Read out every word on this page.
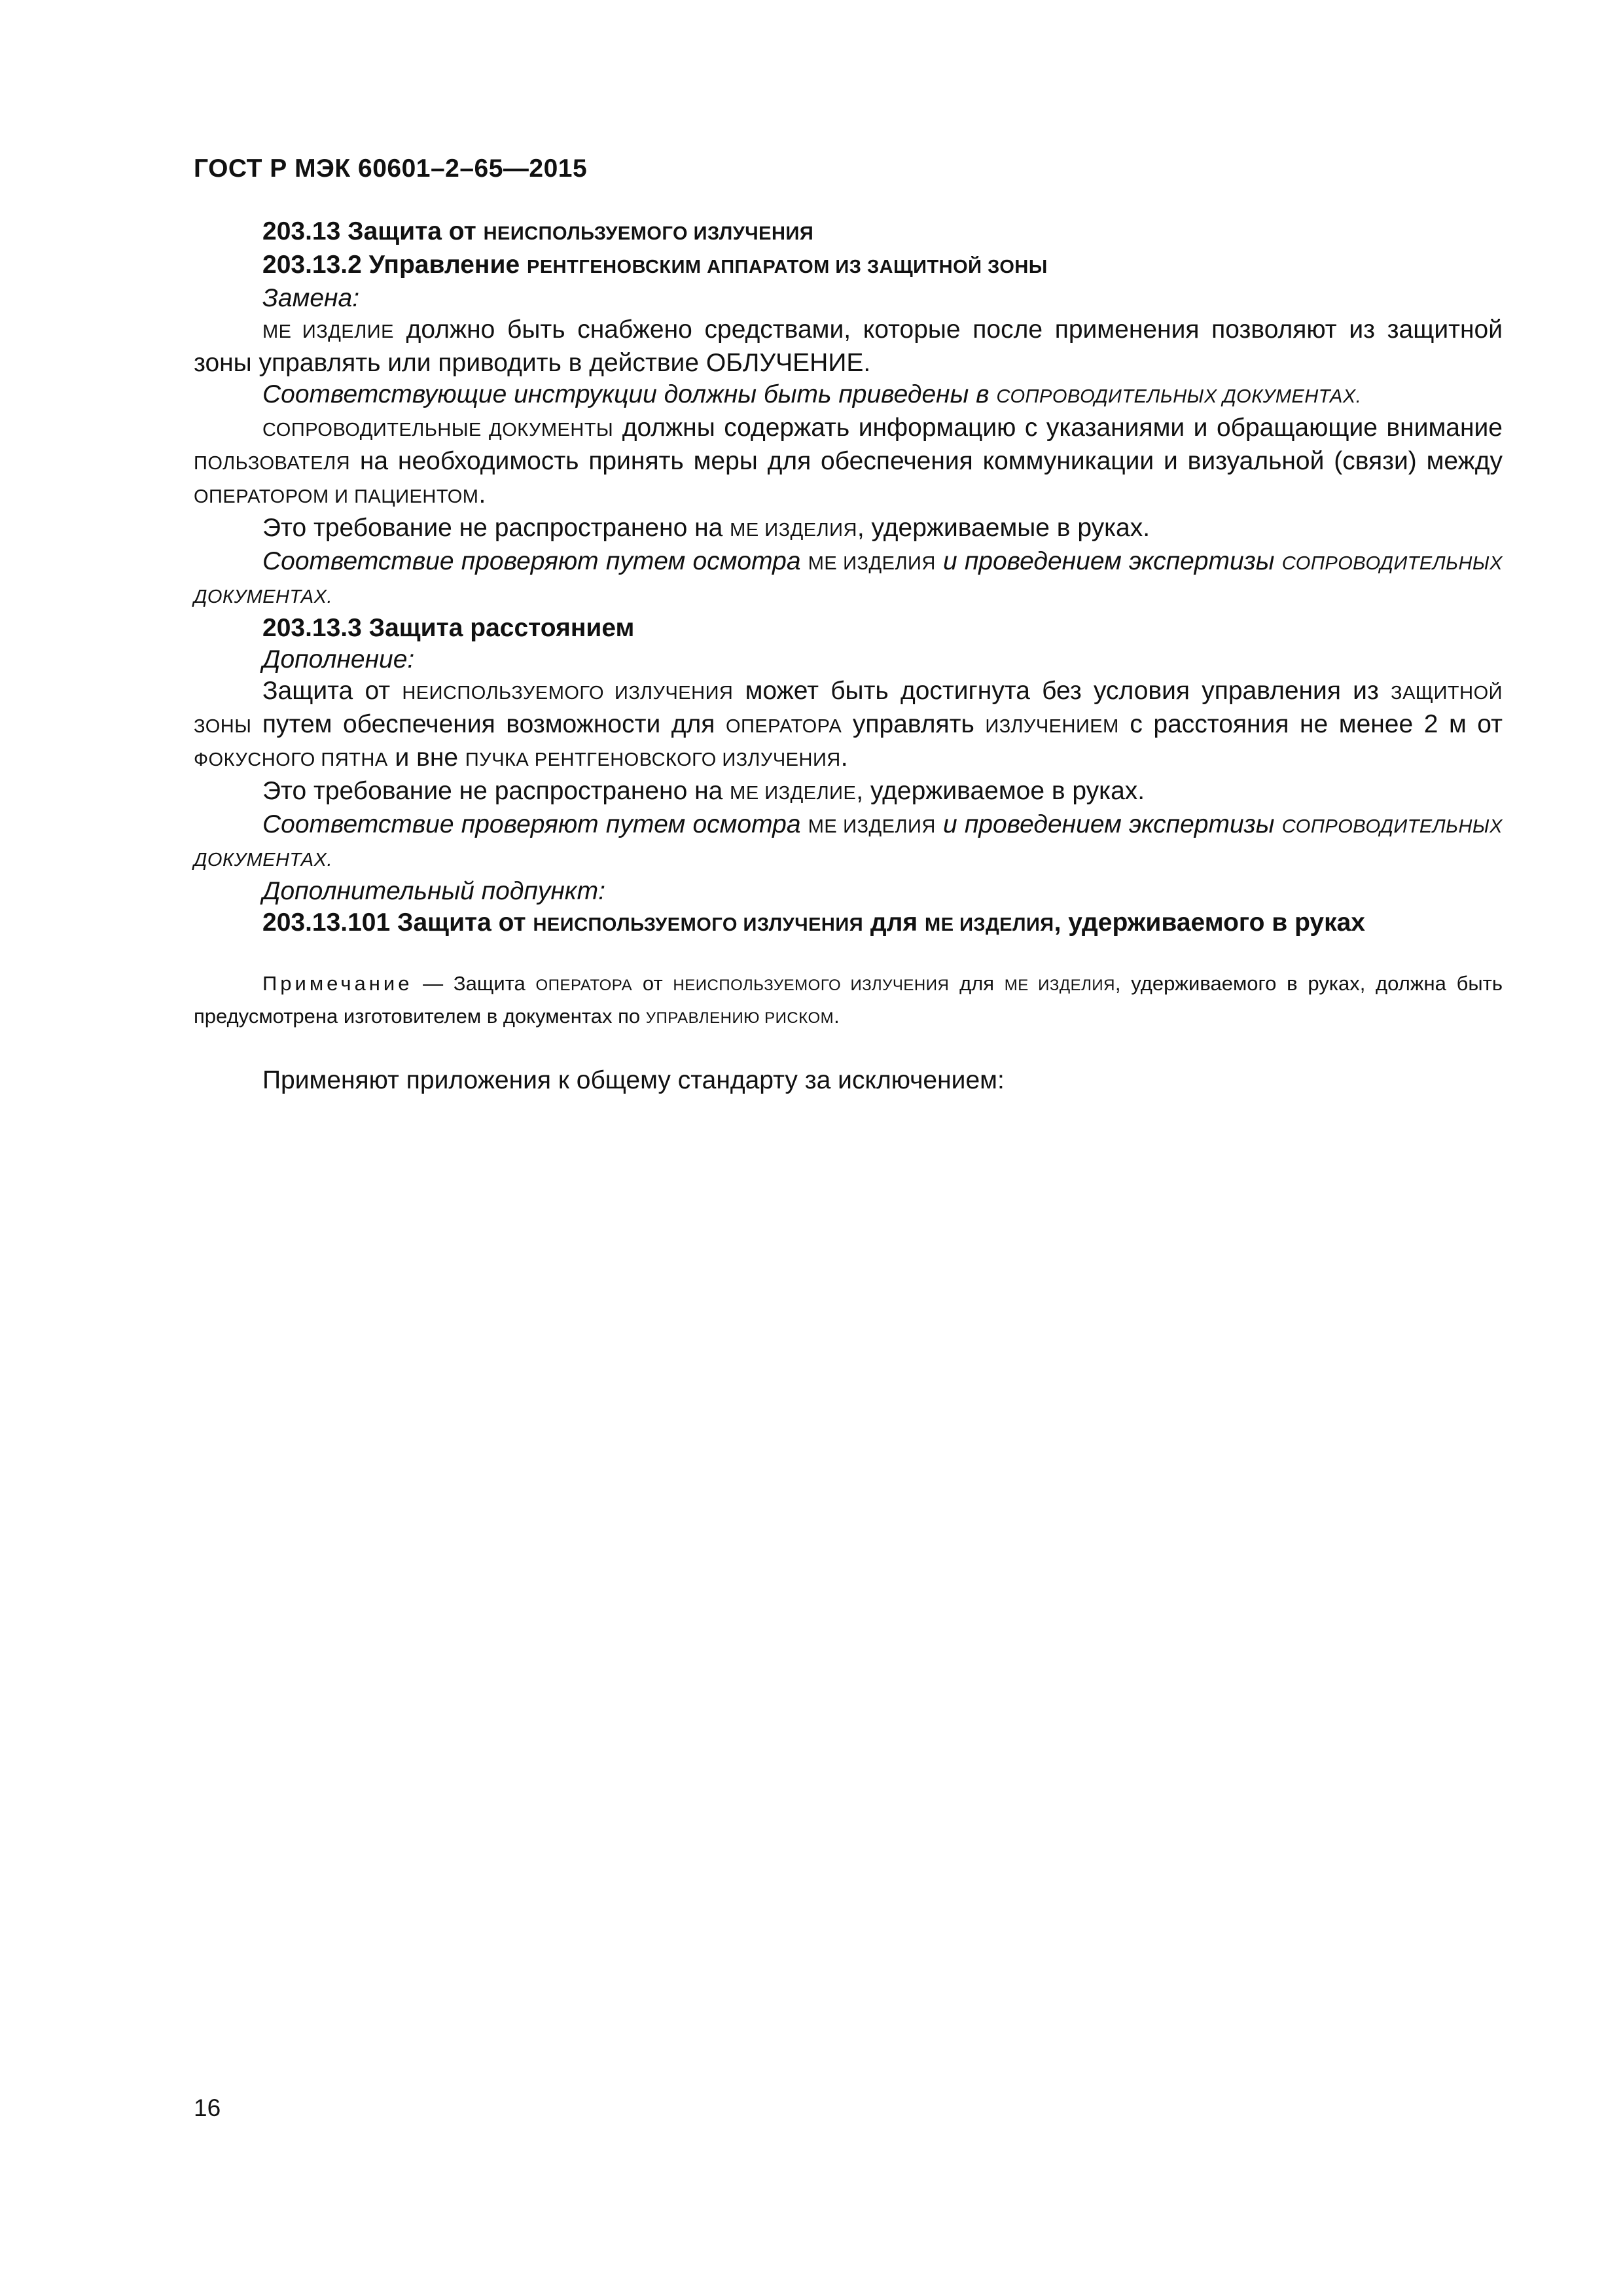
ГОСТ Р МЭК 60601–2–65—2015

203.13 Защита от НЕИСПОЛЬЗУЕМОГО ИЗЛУЧЕНИЯ

203.13.2 Управление РЕНТГЕНОВСКИМ АППАРАТОМ ИЗ ЗАЩИТНОЙ ЗОНЫ

Замена:

МЕ ИЗДЕЛИЕ должно быть снабжено средствами, которые после применения позволяют из защитной зоны управлять или приводить в действие ОБЛУЧЕНИЕ.

Соответствующие инструкции должны быть приведены в СОПРОВОДИТЕЛЬНЫХ ДОКУМЕНТАХ.

СОПРОВОДИТЕЛЬНЫЕ ДОКУМЕНТЫ должны содержать информацию с указаниями и обращающие внимание ПОЛЬЗОВАТЕЛЯ на необходимость принять меры для обеспечения коммуникации и визуальной (связи) между ОПЕРАТОРОМ И ПАЦИЕНТОМ.

Это требование не распространено на МЕ ИЗДЕЛИЯ, удерживаемые в руках.

Соответствие проверяют путем осмотра МЕ ИЗДЕЛИЯ и проведением экспертизы СОПРОВОДИТЕЛЬНЫХ ДОКУМЕНТАХ.

203.13.3 Защита расстоянием

Дополнение:

Защита от НЕИСПОЛЬЗУЕМОГО ИЗЛУЧЕНИЯ может быть достигнута без условия управления из ЗАЩИТНОЙ ЗОНЫ путем обеспечения возможности для ОПЕРАТОРА управлять ИЗЛУЧЕНИЕМ с расстояния не менее 2 м от ФОКУСНОГО ПЯТНА и вне ПУЧКА РЕНТГЕНОВСКОГО ИЗЛУЧЕНИЯ.

Это требование не распространено на МЕ ИЗДЕЛИЕ, удерживаемое в руках.

Соответствие проверяют путем осмотра МЕ ИЗДЕЛИЯ и проведением экспертизы СОПРОВОДИТЕЛЬНЫХ ДОКУМЕНТАХ.

Дополнительный подпункт:

203.13.101 Защита от НЕИСПОЛЬЗУЕМОГО ИЗЛУЧЕНИЯ для МЕ ИЗДЕЛИЯ, удерживаемого в руках

Примечание — Защита ОПЕРАТОРА от НЕИСПОЛЬЗУЕМОГО ИЗЛУЧЕНИЯ для МЕ ИЗДЕЛИЯ, удерживаемого в руках, должна быть предусмотрена изготовителем в документах по УПРАВЛЕНИЮ РИСКОМ.

Применяют приложения к общему стандарту за исключением:

16
